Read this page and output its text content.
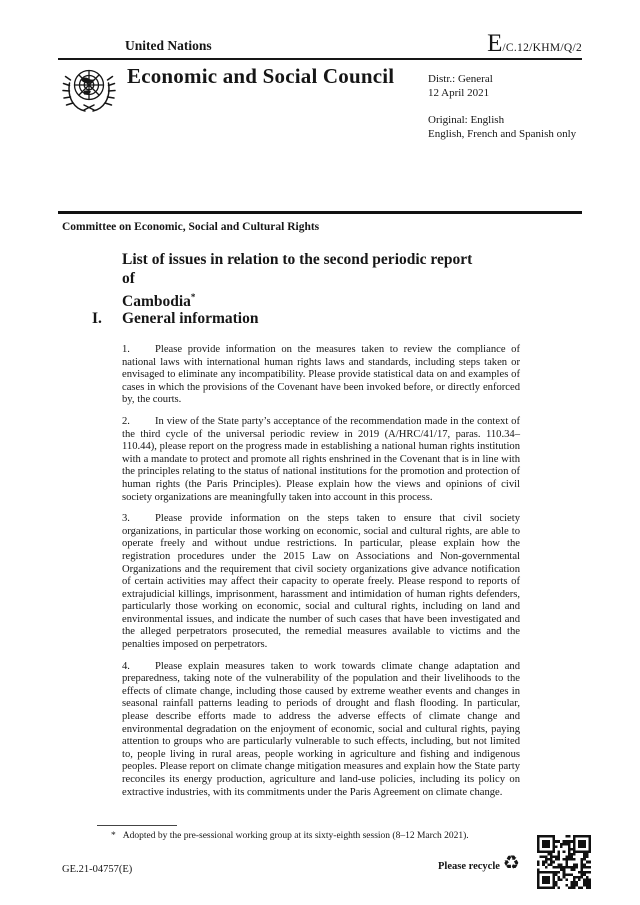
United Nations	E/C.12/KHM/Q/2
Economic and Social Council	Distr.: General
12 April 2021
Original: English
English, French and Spanish only
Committee on Economic, Social and Cultural Rights
List of issues in relation to the second periodic report of
Cambodia*
I. General information

1. Please provide information on the measures taken to review the compliance of national laws with international human rights laws and standards, including steps taken or envisaged to eliminate any incompatibility. Please provide statistical data on and examples of cases in which the provisions of the Covenant have been invoked before, or directly enforced by, the courts.

2. In view of the State party’s acceptance of the recommendation made in the context of the third cycle of the universal periodic review in 2019 (A/HRC/41/17, paras. 110.34–110.44), please report on the progress made in establishing a national human rights institution with a mandate to protect and promote all rights enshrined in the Covenant that is in line with the principles relating to the status of national institutions for the promotion and protection of human rights (the Paris Principles). Please explain how the views and opinions of civil society organizations are meaningfully taken into account in this process.

3. Please provide information on the steps taken to ensure that civil society organizations, in particular those working on economic, social and cultural rights, are able to operate freely and without undue restrictions. In particular, please explain how the registration procedures under the 2015 Law on Associations and Non-governmental Organizations and the requirement that civil society organizations give advance notification of certain activities may affect their capacity to operate freely. Please respond to reports of extrajudicial killings, imprisonment, harassment and intimidation of human rights defenders, particularly those working on economic, social and cultural rights, including on land and environmental issues, and indicate the number of such cases that have been investigated and the alleged perpetrators prosecuted, the remedial measures available to victims and the penalties imposed on perpetrators.

4. Please explain measures taken to work towards climate change adaptation and preparedness, taking note of the vulnerability of the population and their livelihoods to the effects of climate change, including those caused by extreme weather events and changes in seasonal rainfall patterns leading to periods of drought and flash flooding. In particular, please describe efforts made to address the adverse effects of climate change and environmental degradation on the enjoyment of economic, social and cultural rights, paying attention to groups who are particularly vulnerable to such effects, including, but not limited to, people living in rural areas, people working in agriculture and fishing and indigenous peoples. Please report on climate change mitigation measures and explain how the State party reconciles its energy production, agriculture and land-use policies, including its policy on extractive industries, with its commitments under the Paris Agreement on climate change.

* Adopted by the pre-sessional working group at its sixty-eighth session (8–12 March 2021).
GE.21-04757(E)	Please recycle ♻
